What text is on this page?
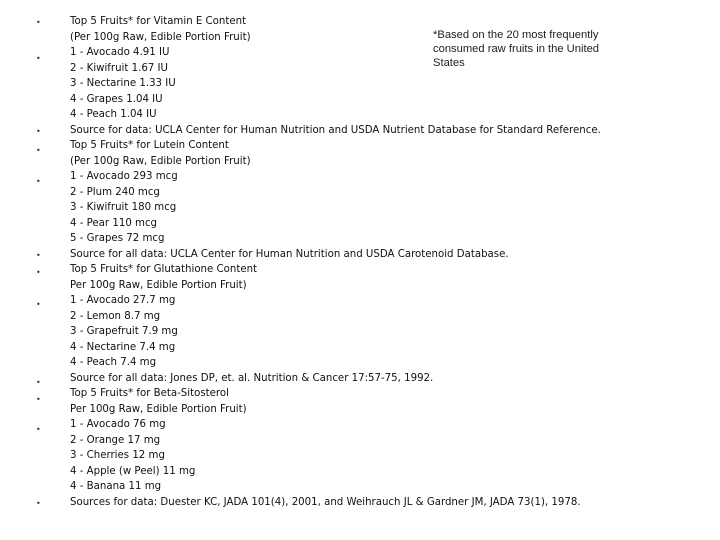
Top 5 Fruits* for Vitamin E Content
(Per 100g Raw, Edible Portion Fruit)
1 - Avocado 4.91 IU
2 - Kiwifruit 1.67 IU
3 - Nectarine 1.33 IU
4 - Grapes 1.04 IU
4 - Peach 1.04 IU
Source for data: UCLA Center for Human Nutrition and USDA Nutrient Database for Standard Reference.
Top 5 Fruits* for Lutein Content
(Per 100g Raw, Edible Portion Fruit)
1 - Avocado 293 mcg
2 - Plum 240 mcg
3 - Kiwifruit 180 mcg
4 - Pear 110 mcg
5 - Grapes 72 mcg
Source for all data: UCLA Center for Human Nutrition and USDA Carotenoid Database.
Top 5 Fruits* for Glutathione Content
Per 100g Raw, Edible Portion Fruit)
1 - Avocado 27.7 mg
2 - Lemon 8.7 mg
3 - Grapefruit 7.9 mg
4 - Nectarine 7.4 mg
4 - Peach 7.4 mg
Source for all data: Jones DP, et. al. Nutrition & Cancer 17:57-75, 1992.
Top 5 Fruits* for Beta-Sitosterol
Per 100g Raw, Edible Portion Fruit)
1 - Avocado 76 mg
2 - Orange 17 mg
3 - Cherries 12 mg
4 - Apple (w Peel) 11 mg
4 - Banana 11 mg
Sources for data: Duester KC, JADA 101(4), 2001, and Weihrauch JL & Gardner JM, JADA 73(1), 1978.
•
•
•
•
•
•
•
•
•
•
•
•
*Based on the 20 most frequently consumed raw fruits in the United States
